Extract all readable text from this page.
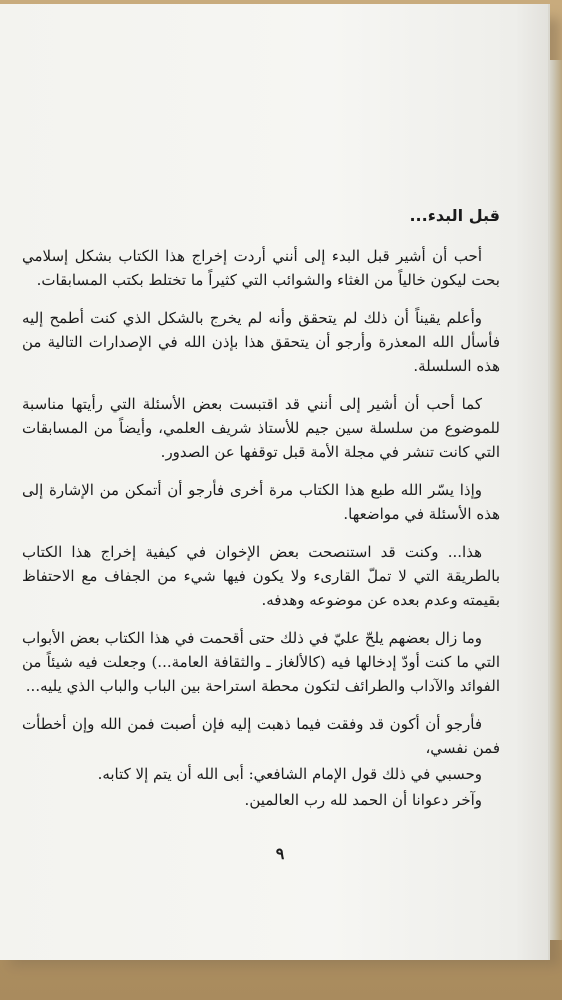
قبل البدء...

أحب أن أشير قبل البدء إلى أنني أردت إخراج هذا الكتاب بشكل إسلامي بحت ليكون خالياً من الغثاء والشوائب التي كثيراً ما تختلط بكتب المسابقات.

وأعلم يقيناً أن ذلك لم يتحقق وأنه لم يخرج بالشكل الذي كنت أطمح إليه فأسأل الله المعذرة وأرجو أن يتحقق هذا بإذن الله في الإصدارات التالية من هذه السلسلة.

كما أحب أن أشير إلى أنني قد اقتبست بعض الأسئلة التي رأيتها مناسبة للموضوع من سلسلة سين جيم للأستاذ شريف العلمي، وأيضاً من المسابقات التي كانت تنشر في مجلة الأمة قبل توقفها عن الصدور.

وإذا يسّر الله طبع هذا الكتاب مرة أخرى فأرجو أن أتمكن من الإشارة إلى هذه الأسئلة في مواضعها.

هذا... وكنت قد استنصحت بعض الإخوان في كيفية إخراج هذا الكتاب بالطريقة التي لا تملّ القارىء ولا يكون فيها شيء من الجفاف مع الاحتفاظ بقيمته وعدم بعده عن موضوعه وهدفه.

وما زال بعضهم يلحّ عليّ في ذلك حتى أقحمت في هذا الكتاب بعض الأبواب التي ما كنت أودّ إدخالها فيه (كالألغاز ـ والثقافة العامة...) وجعلت فيه شيئاً من الفوائد والآداب والطرائف لتكون محطة استراحة بين الباب والباب الذي يليه...

فأرجو أن أكون قد وفقت فيما ذهبت إليه فإن أصبت فمن الله وإن أخطأت فمن نفسي،

وحسبي في ذلك قول الإمام الشافعي: أبى الله أن يتم إلا كتابه.

وآخر دعوانا أن الحمد لله رب العالمين.

٩
